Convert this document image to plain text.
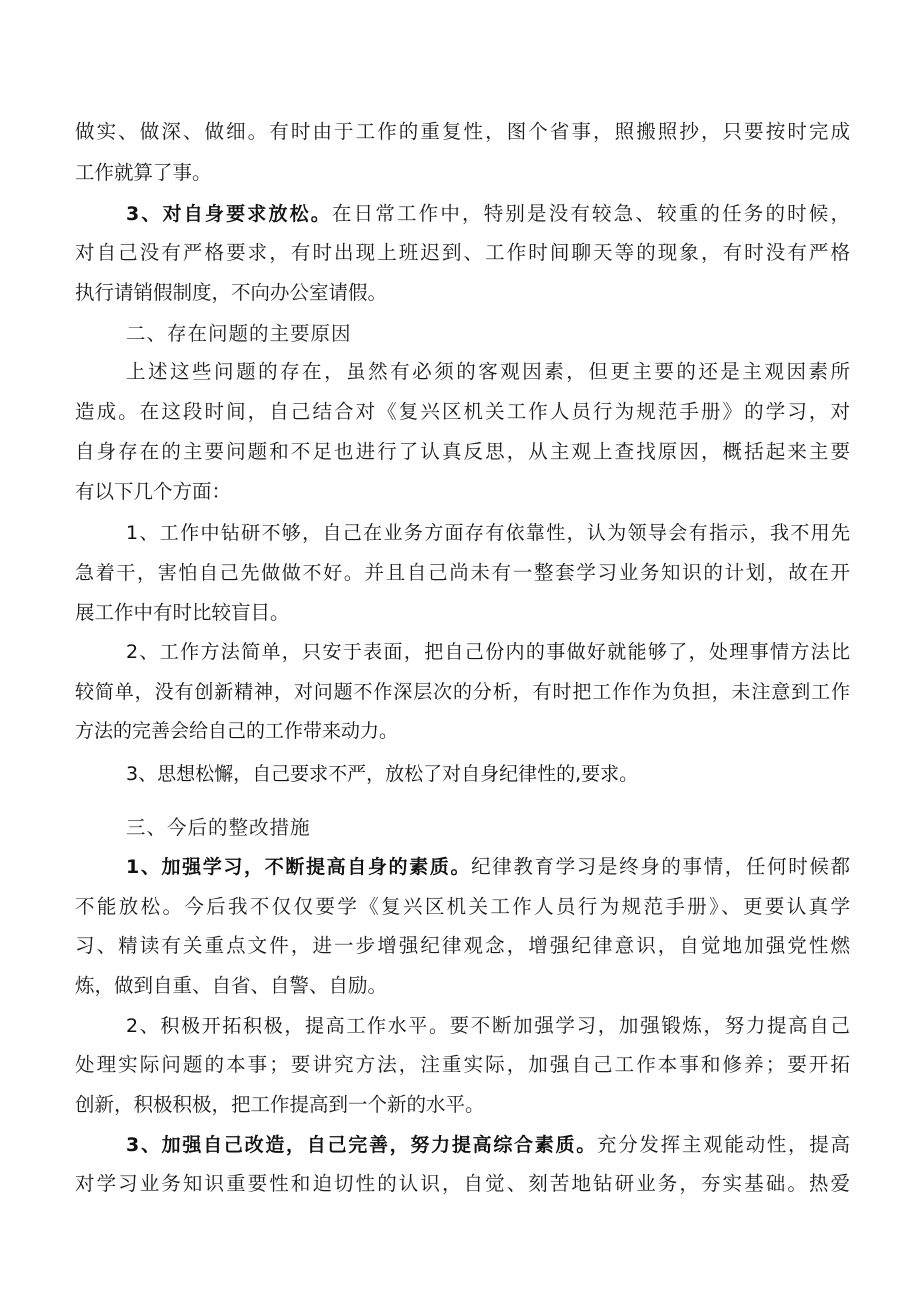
做实、做深、做细。有时由于工作的重复性，图个省事，照搬照抄，只要按时完成
工作就算了事。
3、对自身要求放松。在日常工作中，特别是没有较急、较重的任务的时候，
对自己没有严格要求，有时出现上班迟到、工作时间聊天等的现象，有时没有严格
执行请销假制度，不向办公室请假。
二、存在问题的主要原因
上述这些问题的存在，虽然有必须的客观因素，但更主要的还是主观因素所
造成。在这段时间，自己结合对《复兴区机关工作人员行为规范手册》的学习，对
自身存在的主要问题和不足也进行了认真反思，从主观上查找原因，概括起来主要
有以下几个方面：
1、工作中钻研不够，自己在业务方面存有依靠性，认为领导会有指示，我不用先
急着干，害怕自己先做做不好。并且自己尚未有一整套学习业务知识的计划，故在开
展工作中有时比较盲目。
2、工作方法简单，只安于表面，把自己份内的事做好就能够了，处理事情方法比
较简单，没有创新精神，对问题不作深层次的分析，有时把工作作为负担，未注意到工作
方法的完善会给自己的工作带来动力。
3、思想松懈，自己要求不严，放松了对自身纪律性的,要求。
三、今后的整改措施
1、加强学习，不断提高自身的素质。纪律教育学习是终身的事情，任何时候都
不能放松。今后我不仅仅要学《复兴区机关工作人员行为规范手册》、更要认真学
习、精读有关重点文件，进一步增强纪律观念，增强纪律意识，自觉地加强党性燃
炼，做到自重、自省、自警、自励。
2、积极开拓积极，提高工作水平。要不断加强学习，加强锻炼，努力提高自己
处理实际问题的本事；要讲究方法，注重实际，加强自己工作本事和修养；要开拓
创新，积极积极，把工作提高到一个新的水平。
3、加强自己改造，自己完善，努力提高综合素质。充分发挥主观能动性，提高
对学习业务知识重要性和迫切性的认识，自觉、刻苦地钻研业务，夯实基础。热爱
